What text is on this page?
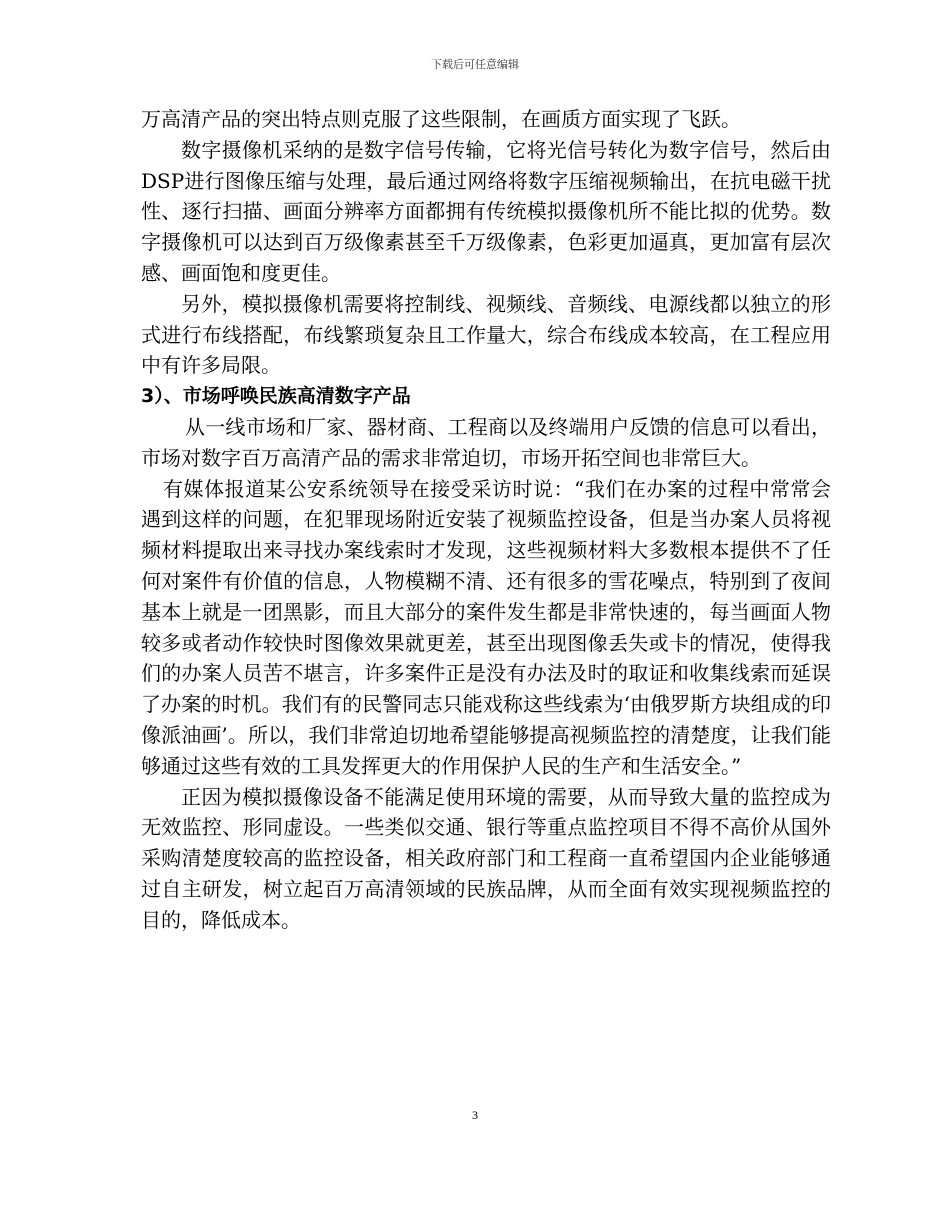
下载后可任意编辑

万高清产品的突出特点则克服了这些限制，在画质方面实现了飞跃。

数字摄像机采纳的是数字信号传输，它将光信号转化为数字信号，然后由DSP进行图像压缩与处理，最后通过网络将数字压缩视频输出，在抗电磁干扰性、逐行扫描、画面分辨率方面都拥有传统模拟摄像机所不能比拟的优势。数字摄像机可以达到百万级像素甚至千万级像素，色彩更加逼真，更加富有层次感、画面饱和度更佳。

另外，模拟摄像机需要将控制线、视频线、音频线、电源线都以独立的形式进行布线搭配，布线繁琐复杂且工作量大，综合布线成本较高，在工程应用中有许多局限。

3）、市场呼唤民族高清数字产品

从一线市场和厂家、器材商、工程商以及终端用户反馈的信息可以看出，市场对数字百万高清产品的需求非常迫切，市场开拓空间也非常巨大。

有媒体报道某公安系统领导在接受采访时说：“我们在办案的过程中常常会遇到这样的问题，在犯罪现场附近安装了视频监控设备，但是当办案人员将视频材料提取出来寻找办案线索时才发现，这些视频材料大多数根本提供不了任何对案件有价值的信息，人物模糊不清、还有很多的雪花噪点，特别到了夜间基本上就是一团黑影，而且大部分的案件发生都是非常快速的，每当画面人物较多或者动作较快时图像效果就更差，甚至出现图像丢失或卡的情况，使得我们的办案人员苦不堪言，许多案件正是没有办法及时的取证和收集线索而延误了办案的时机。我们有的民警同志只能戏称这些线索为‘由俄罗斯方块组成的印像派油画’。所以，我们非常迫切地希望能够提高视频监控的清楚度，让我们能够通过这些有效的工具发挥更大的作用保护人民的生产和生活安全。”

正因为模拟摄像设备不能满足使用环境的需要，从而导致大量的监控成为无效监控、形同虚设。一些类似交通、银行等重点监控项目不得不高价从国外采购清楚度较高的监控设备，相关政府部门和工程商一直希望国内企业能够通过自主研发，树立起百万高清领域的民族品牌，从而全面有效实现视频监控的目的，降低成本。

3
